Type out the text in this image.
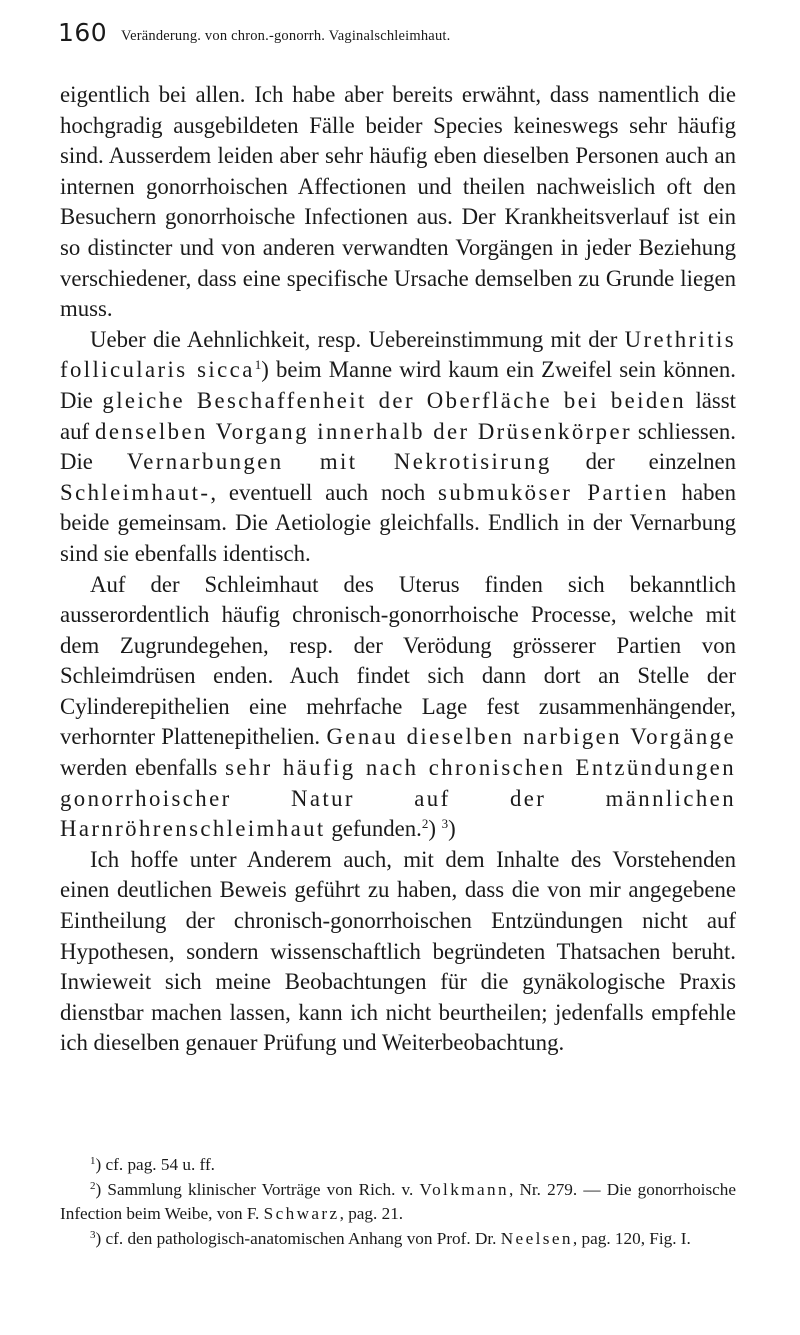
160 Veränderung. von chron.-gonorrh. Vaginalschleimhaut.

eigentlich bei allen. Ich habe aber bereits erwähnt, dass namentlich die hochgradig ausgebildeten Fälle beider Species keineswegs sehr häufig sind. Ausserdem leiden aber sehr häufig eben dieselben Personen auch an internen gonorrhoischen Affectionen und theilen nachweislich oft den Besuchern gonorrhoische Infectionen aus. Der Krankheitsverlauf ist ein so distincter und von anderen verwandten Vorgängen in jeder Beziehung verschiedener, dass eine specifische Ursache demselben zu Grunde liegen muss.

Ueber die Aehnlichkeit, resp. Uebereinstimmung mit der Urethritis follicularis sicca$^1$) beim Manne wird kaum ein Zweifel sein können. Die gleiche Beschaffenheit der Oberfläche bei beiden lässt auf denselben Vorgang innerhalb der Drüsenkörper schliessen. Die Vernarbungen mit Nekrotisirung der einzelnen Schleimhaut-, eventuell auch noch submuköser Partien haben beide gemeinsam. Die Aetiologie gleichfalls. Endlich in der Vernarbung sind sie ebenfalls identisch.

Auf der Schleimhaut des Uterus finden sich bekanntlich ausserordentlich häufig chronisch-gonorrhoische Processe, welche mit dem Zugrundegehen, resp. der Verödung grösserer Partien von Schleimdrüsen enden. Auch findet sich dann dort an Stelle der Cylinderepithelien eine mehrfache Lage fest zusammenhängender, verhornter Plattenepithelien. Genau dieselben narbigen Vorgänge werden ebenfalls sehr häufig nach chronischen Entzündungen gonorrhoischer Natur auf der männlichen Harnröhrenschleimhaut gefunden.$^2$) $^3$)

Ich hoffe unter Anderem auch, mit dem Inhalte des Vorstehenden einen deutlichen Beweis geführt zu haben, dass die von mir angegebene Eintheilung der chronisch-gonorrhoischen Entzündungen nicht auf Hypothesen, sondern wissenschaftlich begründeten Thatsachen beruht. Inwieweit sich meine Beobachtungen für die gynäkologische Praxis dienstbar machen lassen, kann ich nicht beurtheilen; jedenfalls empfehle ich dieselben genauer Prüfung und Weiterbeobachtung.

$^1$) cf. pag. 54 u. ff.

$^2$) Sammlung klinischer Vorträge von Rich. v. Volkmann, Nr. 279. — Die gonorrhoische Infection beim Weibe, von F. Schwarz, pag. 21.

$^3$) cf. den pathologisch-anatomischen Anhang von Prof. Dr. Neelsen, pag. 120, Fig. I.
